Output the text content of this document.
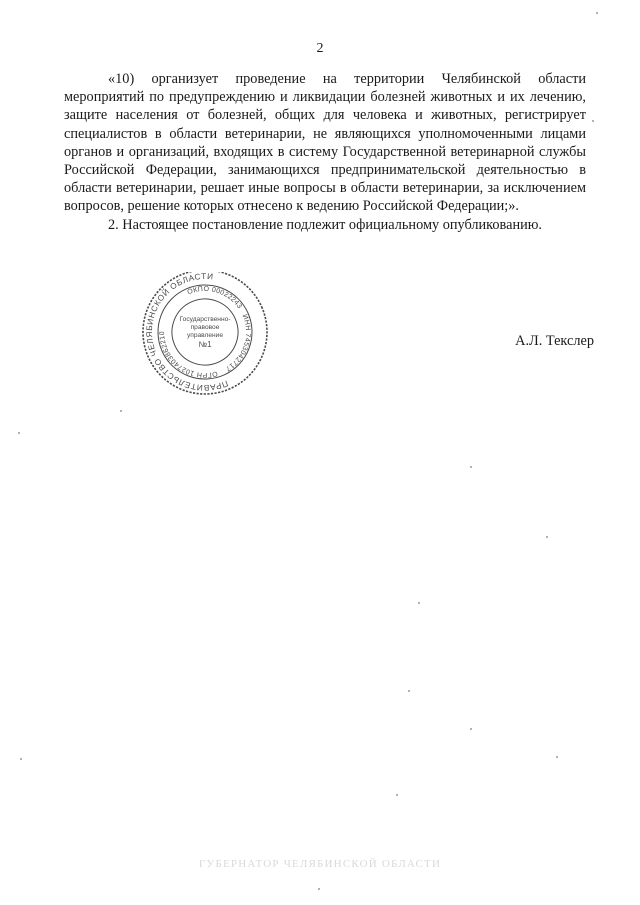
2

«10) организует проведение на территории Челябинской области мероприятий по предупреждению и ликвидации болезней животных и их лечению, защите населения от болезней, общих для человека и животных, регистрирует специалистов в области ветеринарии, не являющихся уполномоченными лицами органов и организаций, входящих в систему Государственной ветеринарной службы Российской Федерации, занимающихся предпринимательской деятельностью в области ветеринарии, решает иные вопросы в области ветеринарии, за исключением вопросов, решение которых отнесено к ведению Российской Федерации;».

2. Настоящее постановление подлежит официальному опубликованию.

ПРАВИТЕЛЬСТВО ЧЕЛЯБИНСКОЙ ОБЛАСТИ
ОГРН 1027403862210
ОКПО 00022243
ИНН 7453042717
Государственно-
правовое
управление
№1	А.Л. Текслер
ГУБЕРНАТОР ЧЕЛЯБИНСКОЙ ОБЛАСТИ
